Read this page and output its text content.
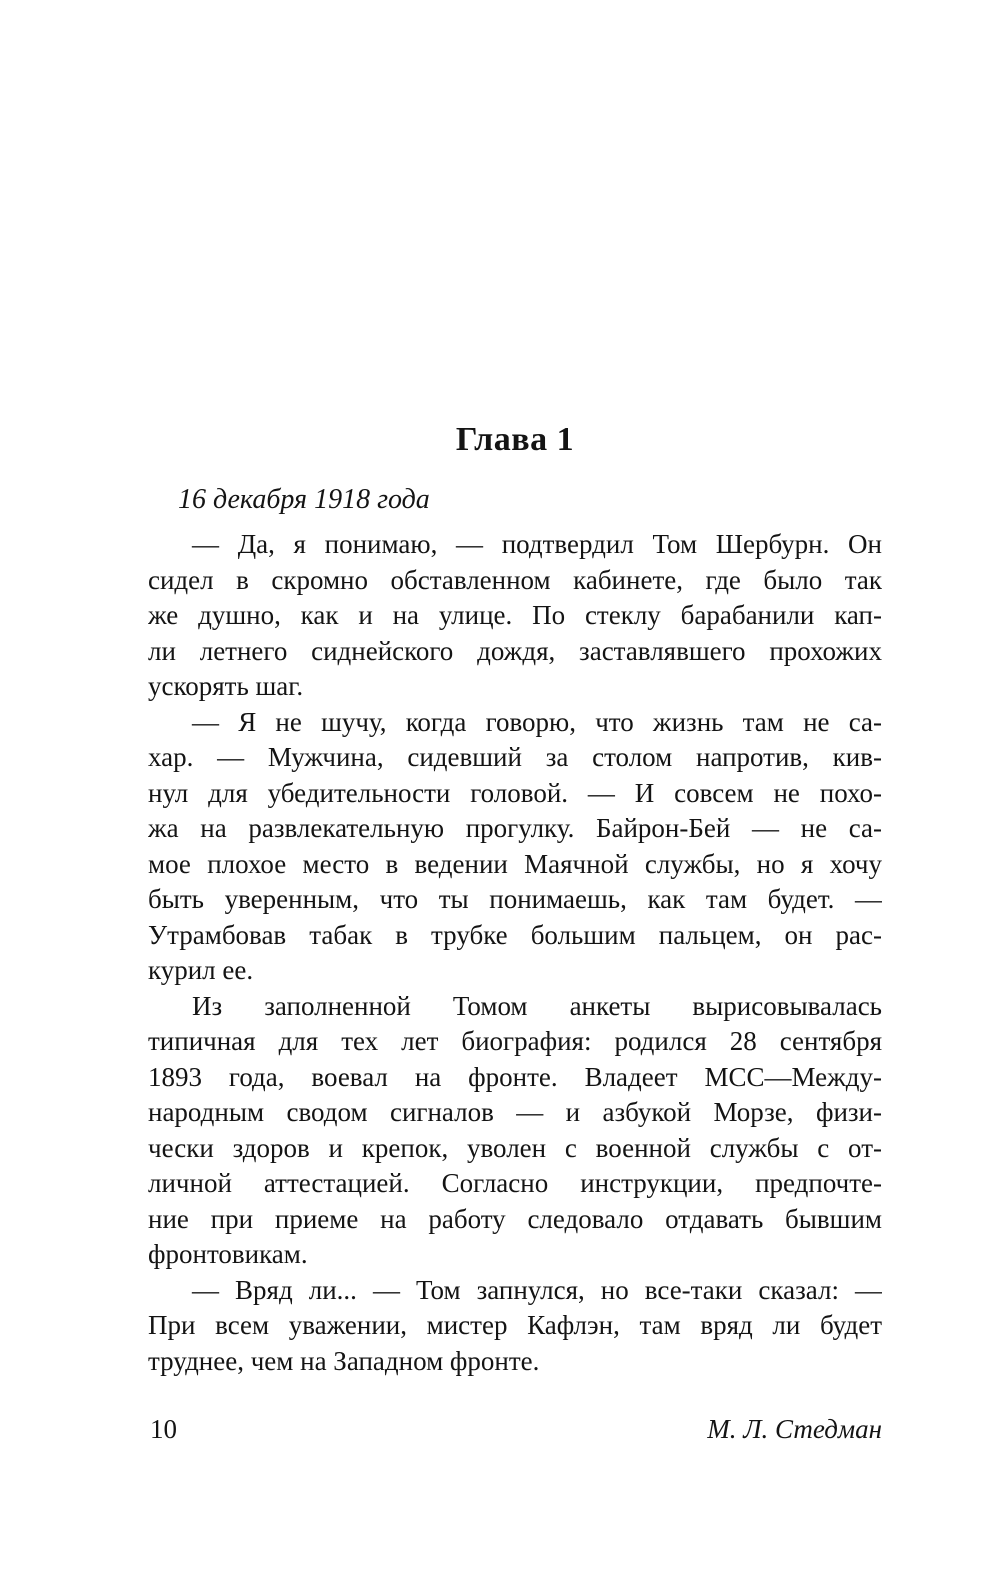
Глава 1
16 декабря 1918 года

— Да, я понимаю, — подтвердил Том Шербурн. Он
сидел в скромно обставленном кабинете, где было так
же душно, как и на улице. По стеклу барабанили кап-
ли летнего сиднейского дождя, заставлявшего прохожих
ускорять шаг.

— Я не шучу, когда говорю, что жизнь там не са-
хар. — Мужчина, сидевший за столом напротив, кив-
нул для убедительности головой. — И совсем не похо-
жа на развлекательную прогулку. Байрон-Бей — не са-
мое плохое место в ведении Маячной службы, но я хочу
быть уверенным, что ты понимаешь, как там будет. —
Утрамбовав табак в трубке большим пальцем, он рас-
курил ее.

Из заполненной Томом анкеты вырисовывалась
типичная для тех лет биография: родился 28 сентября
1893 года, воевал на фронте. Владеет МСС—Между-
народным сводом сигналов — и азбукой Морзе, физи-
чески здоров и крепок, уволен с военной службы с от-
личной аттестацией. Согласно инструкции, предпочте-
ние при приеме на работу следовало отдавать бывшим
фронтовикам.

— Вряд ли... — Том запнулся, но все-таки сказал: —
При всем уважении, мистер Кафлэн, там вряд ли будет
труднее, чем на Западном фронте.

10	М. Л. Стедман
